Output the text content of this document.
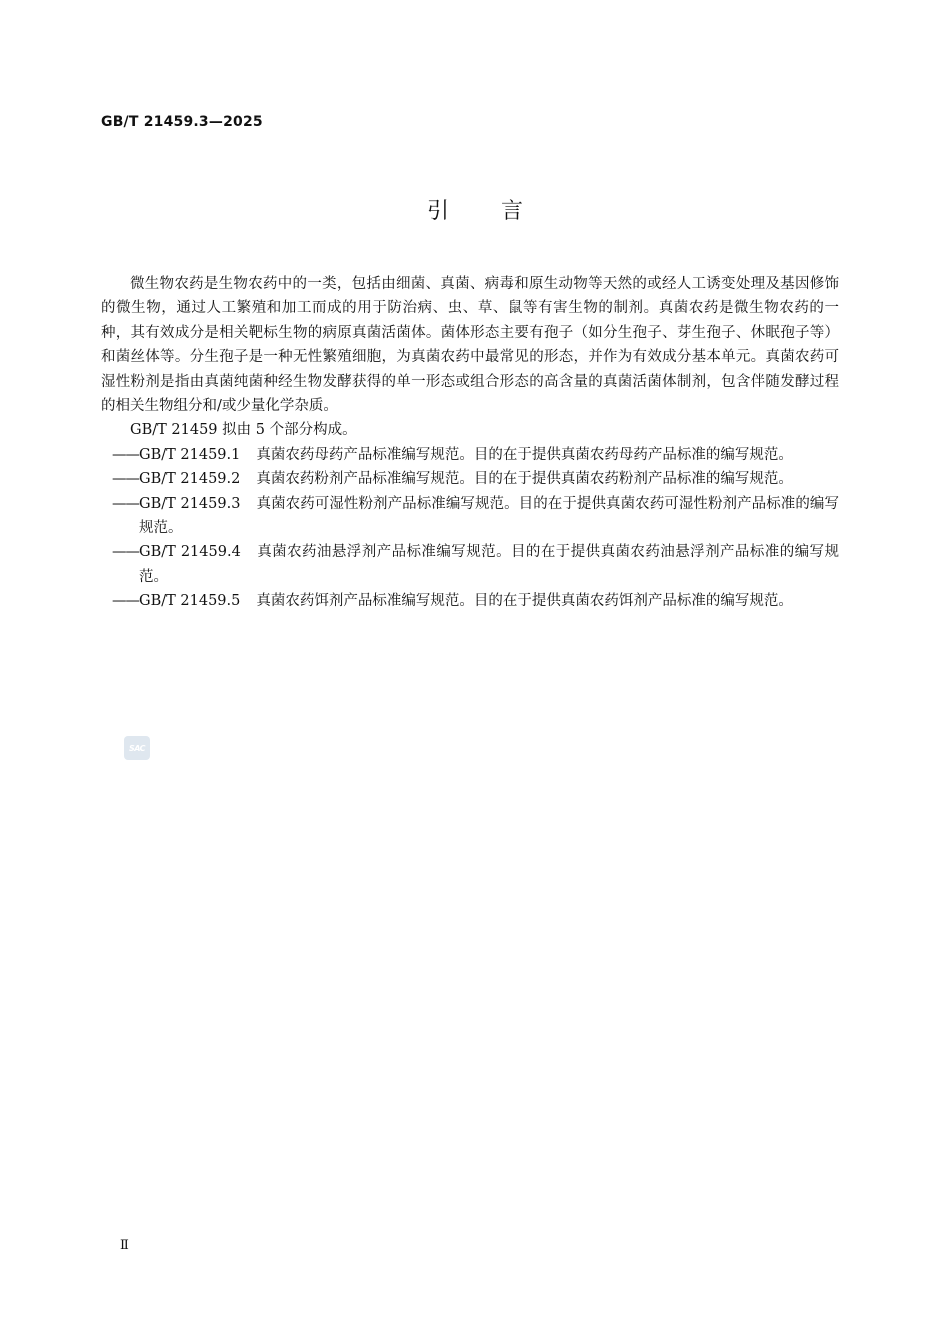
GB/T 21459.3—2025
引言

微生物农药是生物农药中的一类，包括由细菌、真菌、病毒和原生动物等天然的或经人工诱变处理及基因修饰的微生物，通过人工繁殖和加工而成的用于防治病、虫、草、鼠等有害生物的制剂。真菌农药是微生物农药的一种，其有效成分是相关靶标生物的病原真菌活菌体。菌体形态主要有孢子（如分生孢子、芽生孢子、休眠孢子等）和菌丝体等。分生孢子是一种无性繁殖细胞，为真菌农药中最常见的形态，并作为有效成分基本单元。真菌农药可湿性粉剂是指由真菌纯菌种经生物发酵获得的单一形态或组合形态的高含量的真菌活菌体制剂，包含伴随发酵过程的相关生物组分和/或少量化学杂质。

GB/T 21459 拟由 5 个部分构成。

—— GB/T 21459.1 真菌农药母药产品标准编写规范。目的在于提供真菌农药母药产品标准的编写规范。
—— GB/T 21459.2 真菌农药粉剂产品标准编写规范。目的在于提供真菌农药粉剂产品标准的编写规范。
—— GB/T 21459.3 真菌农药可湿性粉剂产品标准编写规范。目的在于提供真菌农药可湿性粉剂产品标准的编写规范。
—— GB/T 21459.4 真菌农药油悬浮剂产品标准编写规范。目的在于提供真菌农药油悬浮剂产品标准的编写规范。
—— GB/T 21459.5 真菌农药饵剂产品标准编写规范。目的在于提供真菌农药饵剂产品标准的编写规范。
SAC
Ⅱ
